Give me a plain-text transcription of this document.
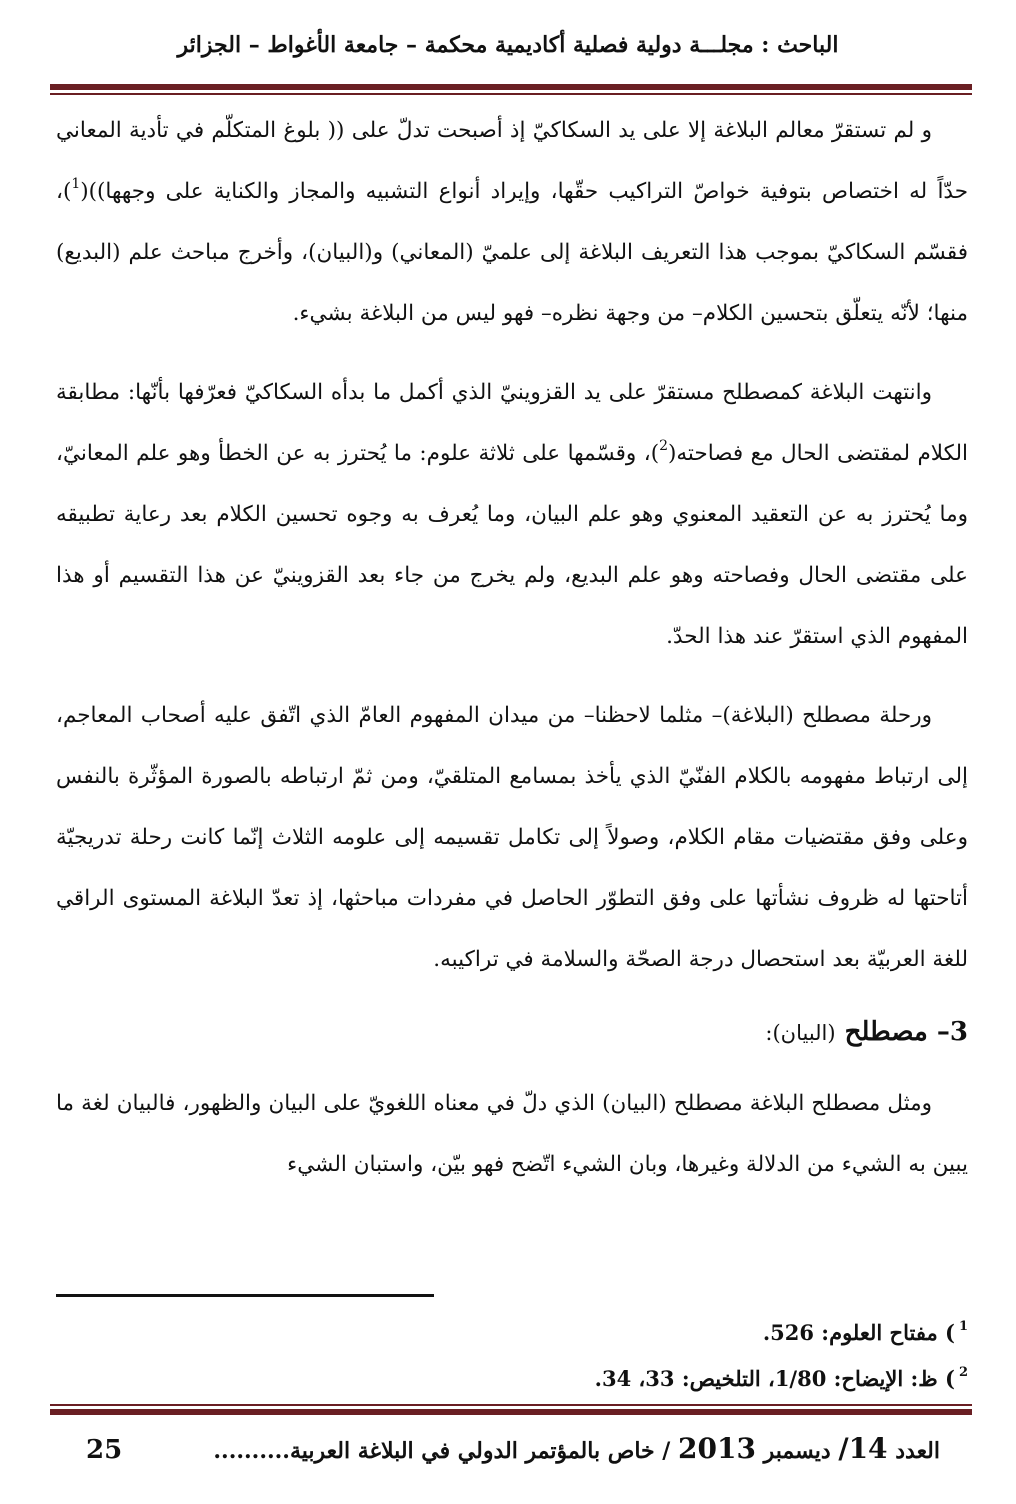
الباحث : مجلـــة دولية فصلية أكاديمية محكمة – جامعة الأغواط – الجزائر

و لم تستقرّ معالم البلاغة إلا على يد السكاكيّ إذ أصبحت تدلّ على (( بلوغ المتكلّم في تأدية المعاني حدّاً له اختصاص بتوفية خواصّ التراكيب حقّها، وإيراد أنواع التشبيه والمجاز والكناية على وجهها))($^1$)، فقسّم السكاكيّ بموجب هذا التعريف البلاغة إلى علميّ (المعاني) و(البيان)، وأخرج مباحث علم (البديع) منها؛ لأنّه يتعلّق بتحسين الكلام– من وجهة نظره– فهو ليس من البلاغة بشيء.

وانتهت البلاغة كمصطلح مستقرّ على يد القزوينيّ الذي أكمل ما بدأه السكاكيّ فعرّفها بأنّها: مطابقة الكلام لمقتضى الحال مع فصاحته($^2$)، وقسّمها على ثلاثة علوم: ما يُحترز به عن الخطأ وهو علم المعانيّ، وما يُحترز به عن التعقيد المعنوي وهو علم البيان، وما يُعرف به وجوه تحسين الكلام بعد رعاية تطبيقه على مقتضى الحال وفصاحته وهو علم البديع، ولم يخرج من جاء بعد القزوينيّ عن هذا التقسيم أو هذا المفهوم الذي استقرّ عند هذا الحدّ.

ورحلة مصطلح (البلاغة)– مثلما لاحظنا– من ميدان المفهوم العامّ الذي اتّفق عليه أصحاب المعاجم، إلى ارتباط مفهومه بالكلام الفنّيّ الذي يأخذ بمسامع المتلقيّ، ومن ثمّ ارتباطه بالصورة المؤثّرة بالنفس وعلى وفق مقتضيات مقام الكلام، وصولاً إلى تكامل تقسيمه إلى علومه الثلاث إنّما كانت رحلة تدريجيّة أتاحتها له ظروف نشأتها على وفق التطوّر الحاصل في مفردات مباحثها، إذ تعدّ البلاغة المستوى الراقي للغة العربيّة بعد استحصال درجة الصحّة والسلامة في تراكيبه.

3– مصطلح (البيان):

ومثل مصطلح البلاغة مصطلح (البيان) الذي دلّ في معناه اللغويّ على البيان والظهور، فالبيان لغة ما يبين به الشيء من الدلالة وغيرها، وبان الشيء اتّضح فهو بيّن، واستبان الشيء

$^1$) مفتاح العلوم: 526.
$^2$) ظ: الإيضاح: 1/80، التلخيص: 33، 34.
العدد 14/ ديسمبر 2013 / خاص بالمؤتمر الدولي في البلاغة العربية..........
25
